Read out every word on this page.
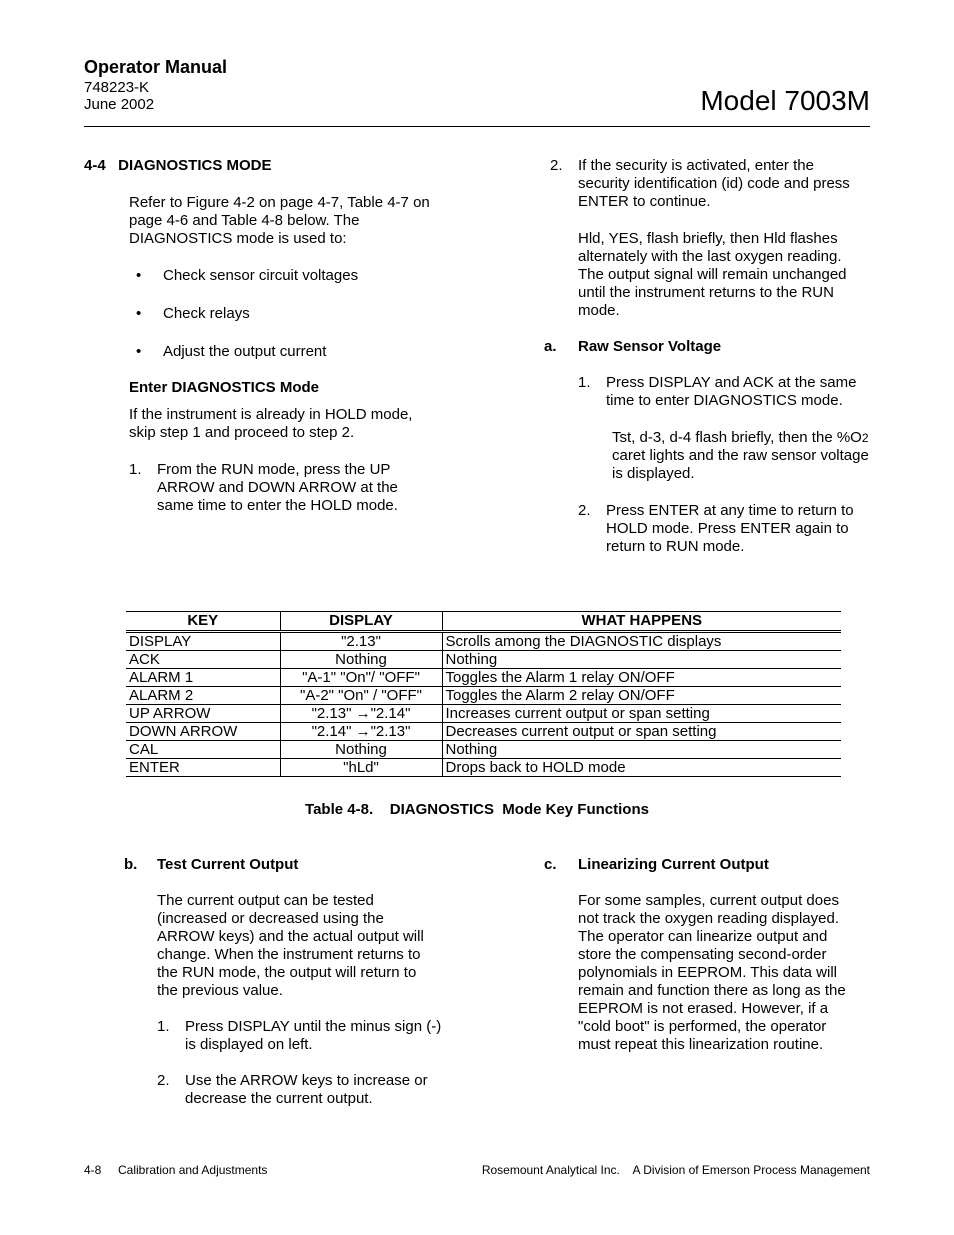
Operator Manual
748223-K
June 2002	Model 7003M
4-4   DIAGNOSTICS MODE
Refer to Figure 4-2 on page 4-7, Table 4-7 on page 4-6 and Table 4-8 below. The DIAGNOSTICS mode is used to:
• Check sensor circuit voltages
• Check relays
• Adjust the output current
Enter DIAGNOSTICS Mode
If the instrument is already in HOLD mode, skip step 1 and proceed to step 2.
1. From the RUN mode, press the UP ARROW and DOWN ARROW at the same time to enter the HOLD mode.
2. If the security is activated, enter the security identification (id) code and press ENTER to continue.
Hld, YES, flash briefly, then Hld flashes alternately with the last oxygen reading. The output signal will remain unchanged until the instrument returns to the RUN mode.
a. Raw Sensor Voltage
1. Press DISPLAY and ACK at the same time to enter DIAGNOSTICS mode.
Tst, d-3, d-4 flash briefly, then the %O2 caret lights and the raw sensor voltage is displayed.
2. Press ENTER at any time to return to HOLD mode. Press ENTER again to return to RUN mode.
KEY	DISPLAY	WHAT HAPPENS
DISPLAY	"2.13"	Scrolls among the DIAGNOSTIC displays
ACK	Nothing	Nothing
ALARM 1	"A-1" "On"/ "OFF"	Toggles the Alarm 1 relay ON/OFF
ALARM 2	"A-2" "On" / "OFF"	Toggles the Alarm 2 relay ON/OFF
UP ARROW	"2.13" →"2.14"	Increases current output or span setting
DOWN ARROW	"2.14" →"2.13"	Decreases current output or span setting
CAL	Nothing	Nothing
ENTER	"hLd"	Drops back to HOLD mode
Table 4-8.    DIAGNOSTICS  Mode Key Functions
b. Test Current Output
The current output can be tested (increased or decreased using the ARROW keys) and the actual output will change. When the instrument returns to the RUN mode, the output will return to the previous value.
1. Press DISPLAY until the minus sign (-) is displayed on left.
2. Use the ARROW keys to increase or decrease the current output.
c. Linearizing Current Output
For some samples, current output does not track the oxygen reading displayed. The operator can linearize output and store the compensating second-order polynomials in EEPROM. This data will remain and function there as long as the EEPROM is not erased. However, if a "cold boot" is performed, the operator must repeat this linearization routine.
4-8     Calibration and Adjustments	Rosemount Analytical Inc.    A Division of Emerson Process Management
